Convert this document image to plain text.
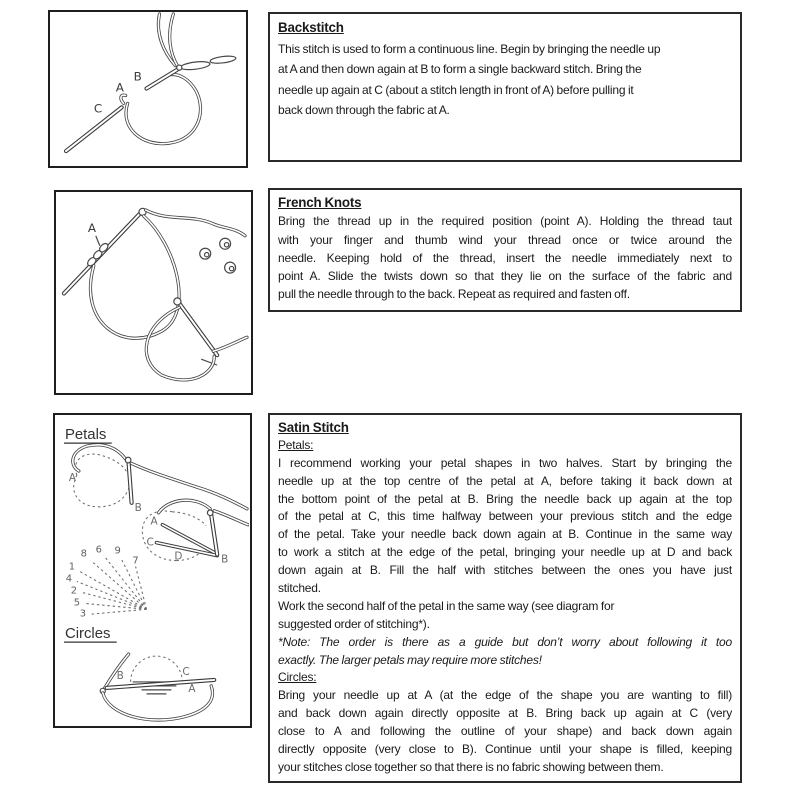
C
A
B
Backstitch
This stitch is used to form a continuous line. Begin by bringing the needle up
at A and then down again at B to form a single backward stitch. Bring the
needle up again at C (about a stitch length in front of A) before pulling it
back down through the fabric at A.
A
French Knots
Bring the thread up in the required position (point A). Holding the thread taut
with your finger and thumb wind your thread once or twice around the
needle. Keeping hold of the thread, insert the needle immediately next to
point A. Slide the twists down so that they lie on the surface of the fabric and
pull the needle through to the back. Repeat as required and fasten off.
Petals
A
B
A
C
D	B
8 6 9
7
1
4
2
5
3
Circles
B	C
A
Satin Stitch
Petals:
I recommend working your petal shapes in two halves. Start by bringing the
needle up at the top centre of the petal at A, before taking it back down at
the bottom point of the petal at B. Bring the needle back up again at the top
of the petal at C, this time halfway between your previous stitch and the edge
of the petal. Take your needle back down again at B. Continue in the same way
to work a stitch at the edge of the petal, bringing your needle up at D and back
down again at B. Fill the half with stitches between the ones you have just
stitched.
Work the second half of the petal in the same way (see diagram for
suggested order of stitching*).
*Note: The order is there as a guide but don’t worry about following it too
exactly. The larger petals may require more stitches!
Circles:
Bring your needle up at A (at the edge of the shape you are wanting to fill)
and back down again directly opposite at B. Bring back up again at C (very
close to A and following the outline of your shape) and back down again
directly opposite (very close to B). Continue until your shape is filled, keeping
your stitches close together so that there is no fabric showing between them.
